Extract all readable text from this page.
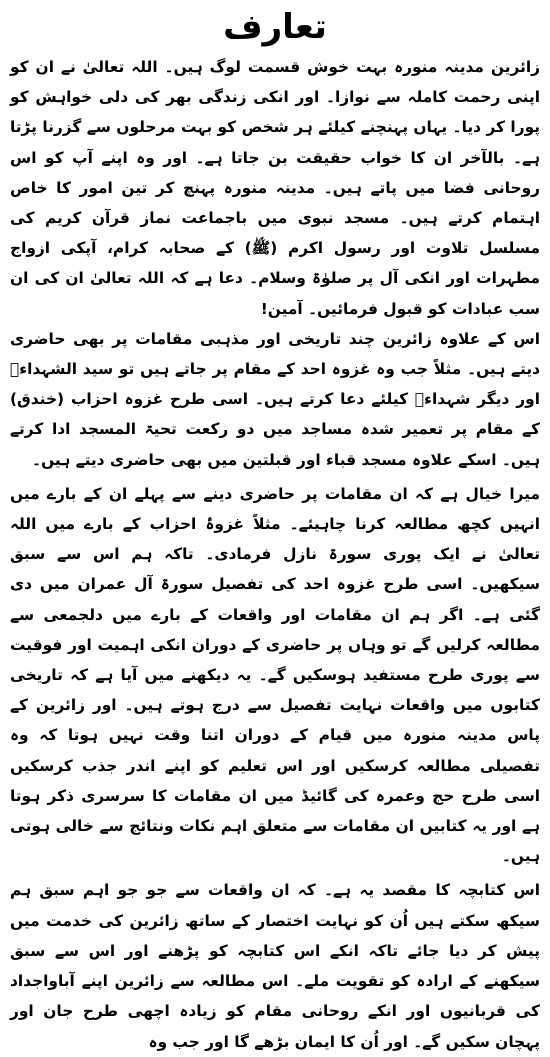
تعارف

زائرین مدینہ منورہ بہت خوش قسمت لوگ ہیں۔ اللہ تعالیٰ نے ان کو اپنی رحمت کاملہ سے نوازا۔ اور انکی زندگی بھر کی دلی خواہش کو پورا کر دیا۔ یہاں پہنچنے کیلئے ہر شخص کو بہت مرحلوں سے گزرنا پڑتا ہے۔ بالآخر ان کا خواب حقیقت بن جاتا ہے۔ اور وہ اپنے آپ کو اس روحانی فضا میں پاتے ہیں۔ مدینہ منورہ پہنچ کر تین امور کا خاص اہتمام کرتے ہیں۔ مسجد نبوی میں باجماعت نماز قرآن کریم کی مسلسل تلاوت اور رسول اکرم (ﷺ) کے صحابہ کرام، آپکی ازواج مطہرات اور انکی آل پر صلوٰۃ وسلام۔ دعا ہے کہ اللہ تعالیٰ ان کی ان سب عبادات کو قبول فرمائیں۔ آمین!

اس کے علاوہ زائرین چند تاریخی اور مذہبی مقامات پر بھی حاضری دیتے ہیں۔ مثلاً جب وہ غزوہ احد کے مقام پر جاتے ہیں تو سید الشہداءؓ اور دیگر شہداءؓ کیلئے دعا کرتے ہیں۔ اسی طرح غزوہ احزاب (خندق) کے مقام پر تعمیر شدہ مساجد میں دو رکعت تحیۃ المسجد ادا کرتے ہیں۔ اسکے علاوہ مسجد قباء اور قبلتین میں بھی حاضری دیتے ہیں۔

میرا خیال ہے کہ ان مقامات پر حاضری دینے سے پہلے ان کے بارے میں انہیں کچھ مطالعہ کرنا چاہیئے۔ مثلاً غزوۂ احزاب کے بارے میں اللہ تعالیٰ نے ایک پوری سورۃ نازل فرمادی۔ تاکہ ہم اس سے سبق سیکھیں۔ اسی طرح غزوہ احد کی تفصیل سورۃ آل عمران میں دی گئی ہے۔ اگر ہم ان مقامات اور واقعات کے بارے میں دلجمعی سے مطالعہ کرلیں گے تو وہاں پر حاضری کے دوران انکی اہمیت اور فوقیت سے پوری طرح مستفید ہوسکیں گے۔ یہ دیکھنے میں آیا ہے کہ تاریخی کتابوں میں واقعات نہایت تفصیل سے درج ہوتے ہیں۔ اور زائرین کے پاس مدینہ منورہ میں قیام کے دوران اتنا وقت نہیں ہوتا کہ وہ تفصیلی مطالعہ کرسکیں اور اس تعلیم کو اپنے اندر جذب کرسکیں اسی طرح حج وعمرہ کی گائیڈ میں ان مقامات کا سرسری ذکر ہوتا ہے اور یہ کتابیں ان مقامات سے متعلق اہم نکات ونتائج سے خالی ہوتی ہیں۔

اس کتابچہ کا مقصد یہ ہے۔ کہ ان واقعات سے جو جو اہم سبق ہم سیکھ سکتے ہیں اُن کو نہایت اختصار کے ساتھ زائرین کی خدمت میں پیش کر دیا جائے تاکہ انکے اس کتابچہ کو پڑھنے اور اس سے سبق سیکھنے کے ارادہ کو تقویت ملے۔ اس مطالعہ سے زائرین اپنے آباواجداد کی قربانیوں اور انکے روحانی مقام کو زیادہ اچھی طرح جان اور پہچان سکیں گے۔ اور اُن کا ایمان بڑھے گا اور جب وہ
